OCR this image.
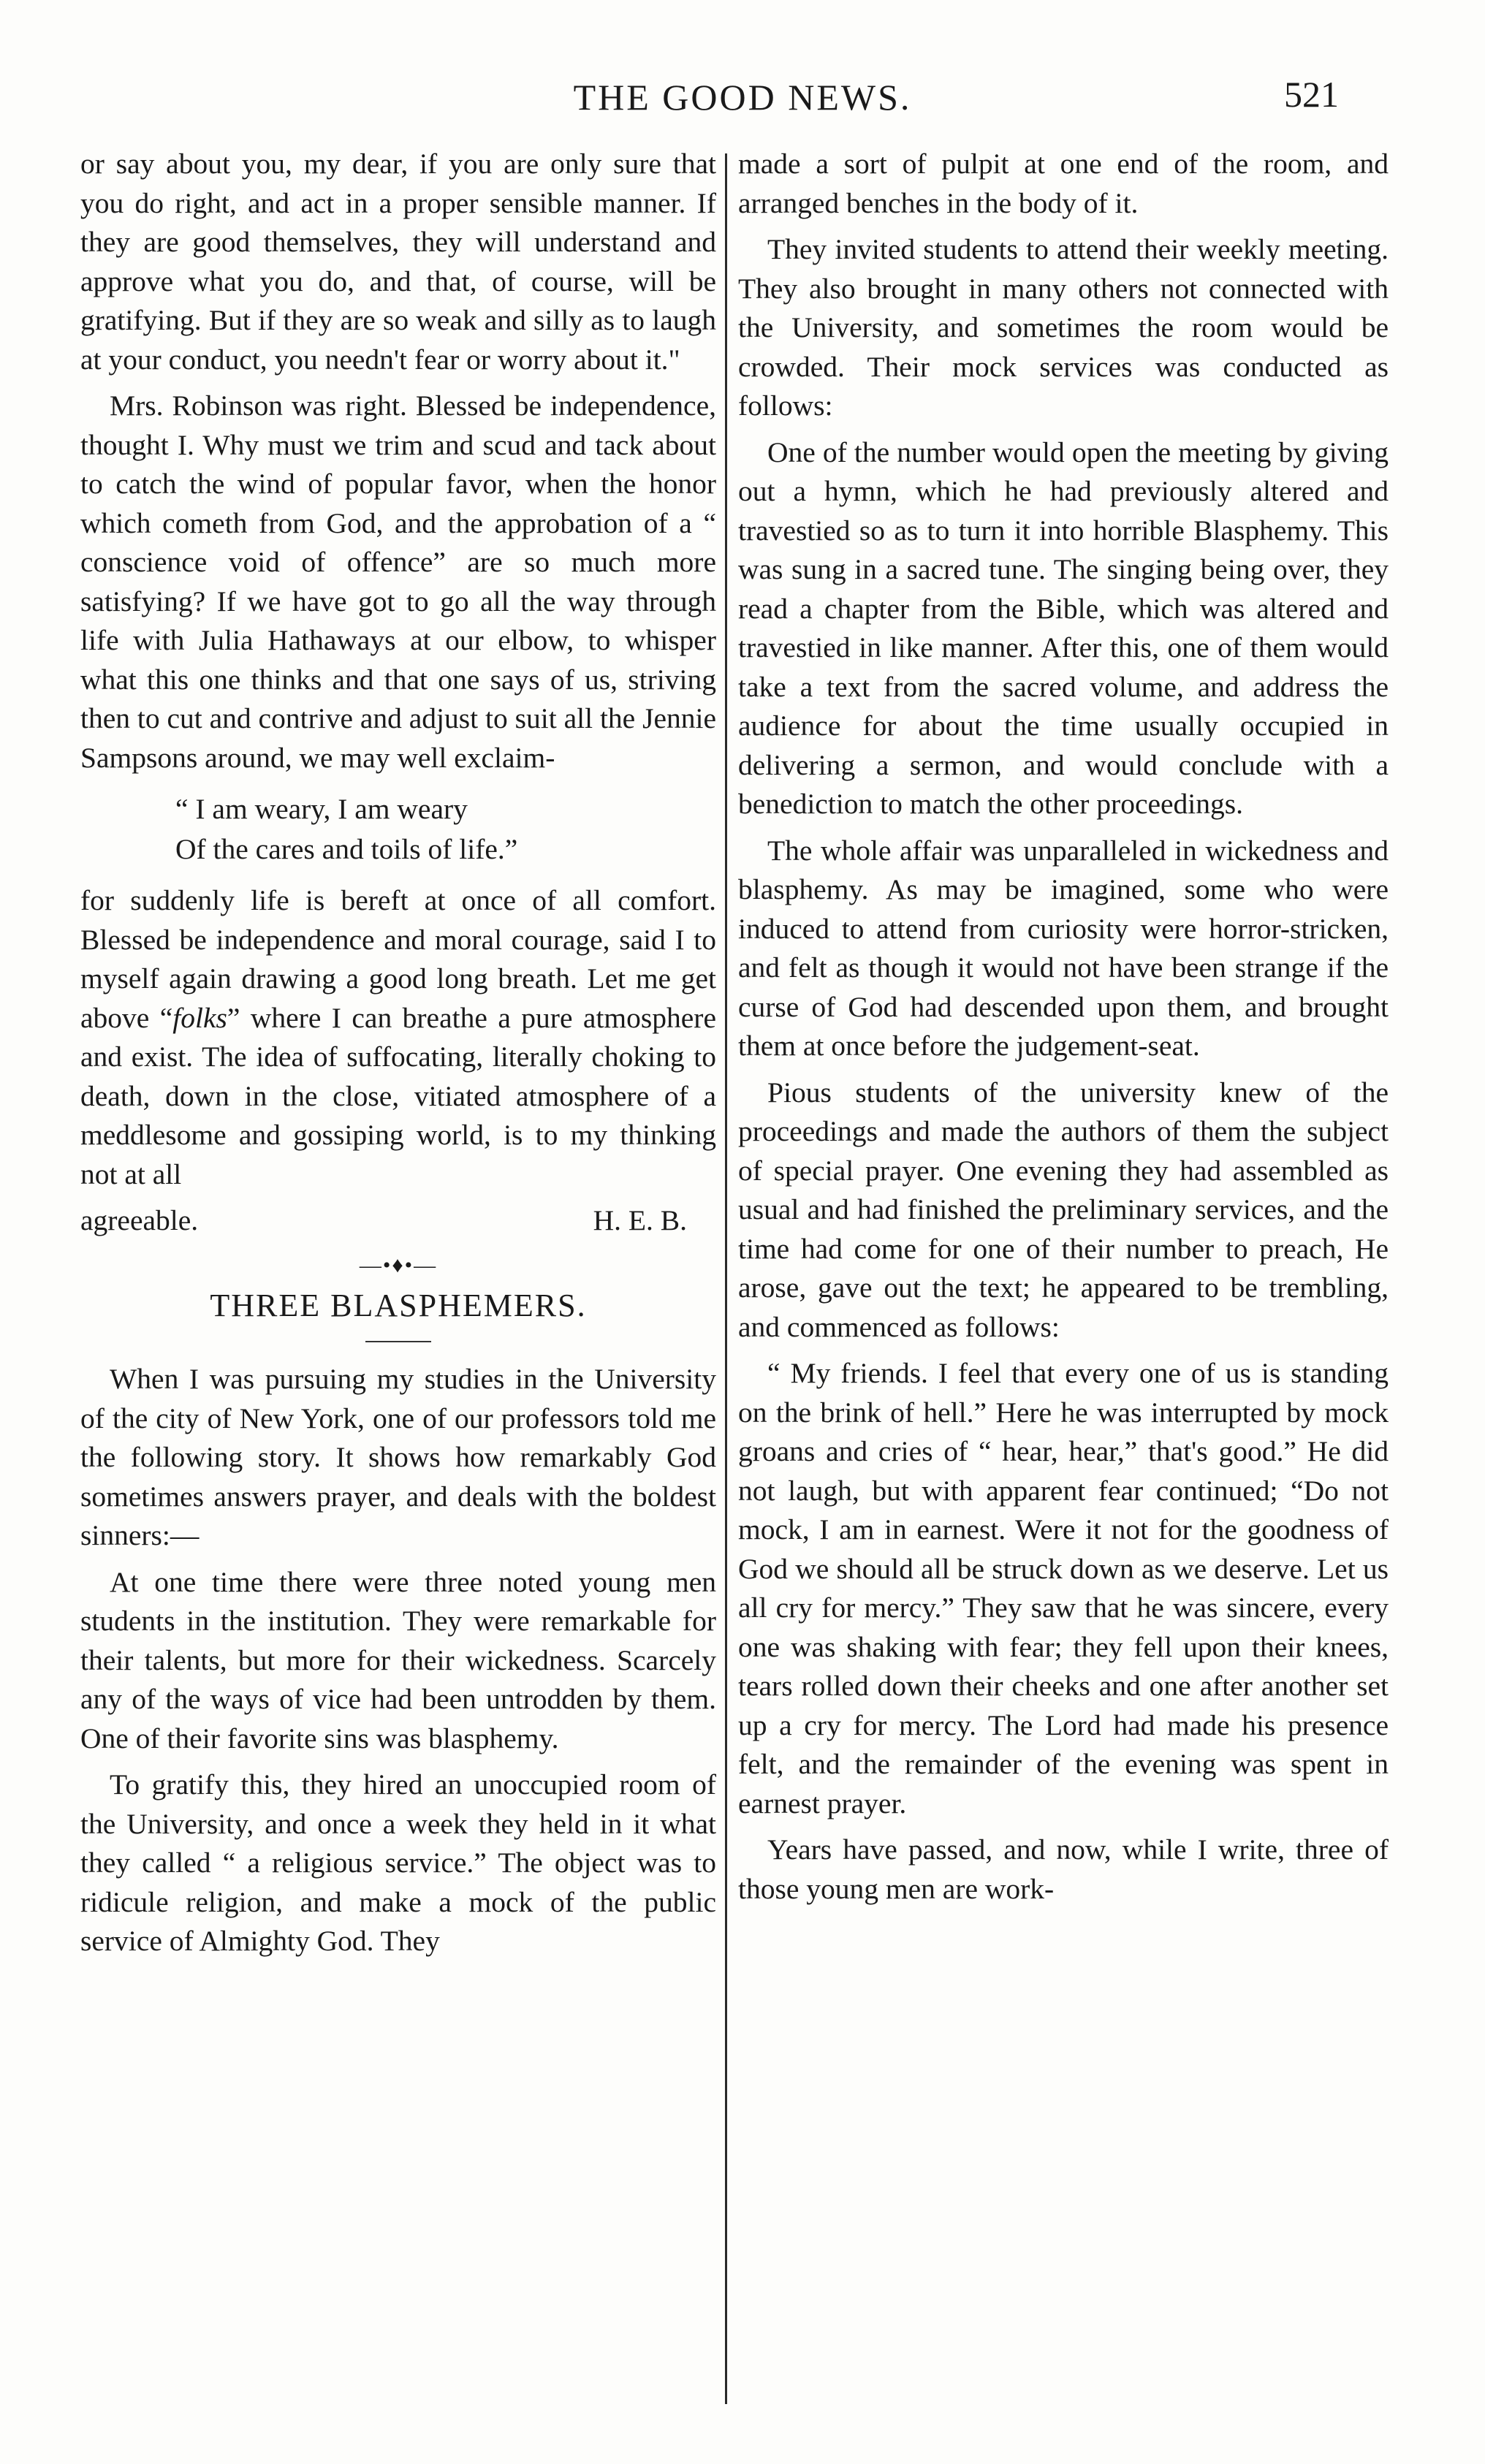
THE GOOD NEWS.	521

or say about you, my dear, if you are only sure that you do right, and act in a proper sensible manner. If they are good themselves, they will understand and approve what you do, and that, of course, will be gratifying. But if they are so weak and silly as to laugh at your conduct, you needn't fear or worry about it."

Mrs. Robinson was right. Blessed be independence, thought I. Why must we trim and scud and tack about to catch the wind of popular favor, when the honor which cometh from God, and the approbation of a “ conscience void of offence” are so much more satisfying? If we have got to go all the way through life with Julia Hathaways at our elbow, to whisper what this one thinks and that one says of us, striving then to cut and contrive and adjust to suit all the Jennie Sampsons around, we may well exclaim-

“ I am weary, I am weary
Of the cares and toils of life.”

for suddenly life is bereft at once of all comfort. Blessed be independence and moral courage, said I to myself again drawing a good long breath. Let me get above “folks” where I can breathe a pure atmosphere and exist. The idea of suffocating, literally choking to death, down in the close, vitiated atmosphere of a meddlesome and gossiping world, is to my thinking not at all

agreeable.	H. E. B.
—•♦•—
THREE BLASPHEMERS.

When I was pursuing my studies in the University of the city of New York, one of our professors told me the following story. It shows how remarkably God sometimes answers prayer, and deals with the boldest sinners:—

At one time there were three noted young men students in the institution. They were remarkable for their talents, but more for their wickedness. Scarcely any of the ways of vice had been untrodden by them. One of their favorite sins was blasphemy.

To gratify this, they hired an unoccupied room of the University, and once a week they held in it what they called “ a religious service.” The object was to ridicule religion, and make a mock of the public service of Almighty God. They

made a sort of pulpit at one end of the room, and arranged benches in the body of it.

They invited students to attend their weekly meeting. They also brought in many others not connected with the University, and sometimes the room would be crowded. Their mock services was conducted as follows:

One of the number would open the meeting by giving out a hymn, which he had previously altered and travestied so as to turn it into horrible Blasphemy. This was sung in a sacred tune. The singing being over, they read a chapter from the Bible, which was altered and travestied in like manner. After this, one of them would take a text from the sacred volume, and address the audience for about the time usually occupied in delivering a sermon, and would conclude with a benediction to match the other proceedings.

The whole affair was unparalleled in wickedness and blasphemy. As may be imagined, some who were induced to attend from curiosity were horror-stricken, and felt as though it would not have been strange if the curse of God had descended upon them, and brought them at once before the judgement-seat.

Pious students of the university knew of the proceedings and made the authors of them the subject of special prayer. One evening they had assembled as usual and had finished the preliminary services, and the time had come for one of their number to preach, He arose, gave out the text; he appeared to be trembling, and commenced as follows:

“ My friends. I feel that every one of us is standing on the brink of hell.” Here he was interrupted by mock groans and cries of “ hear, hear,” that's good.” He did not laugh, but with apparent fear continued; “Do not mock, I am in earnest. Were it not for the goodness of God we should all be struck down as we deserve. Let us all cry for mercy.” They saw that he was sincere, every one was shaking with fear; they fell upon their knees, tears rolled down their cheeks and one after another set up a cry for mercy. The Lord had made his presence felt, and the remainder of the evening was spent in earnest prayer.

Years have passed, and now, while I write, three of those young men are work-
